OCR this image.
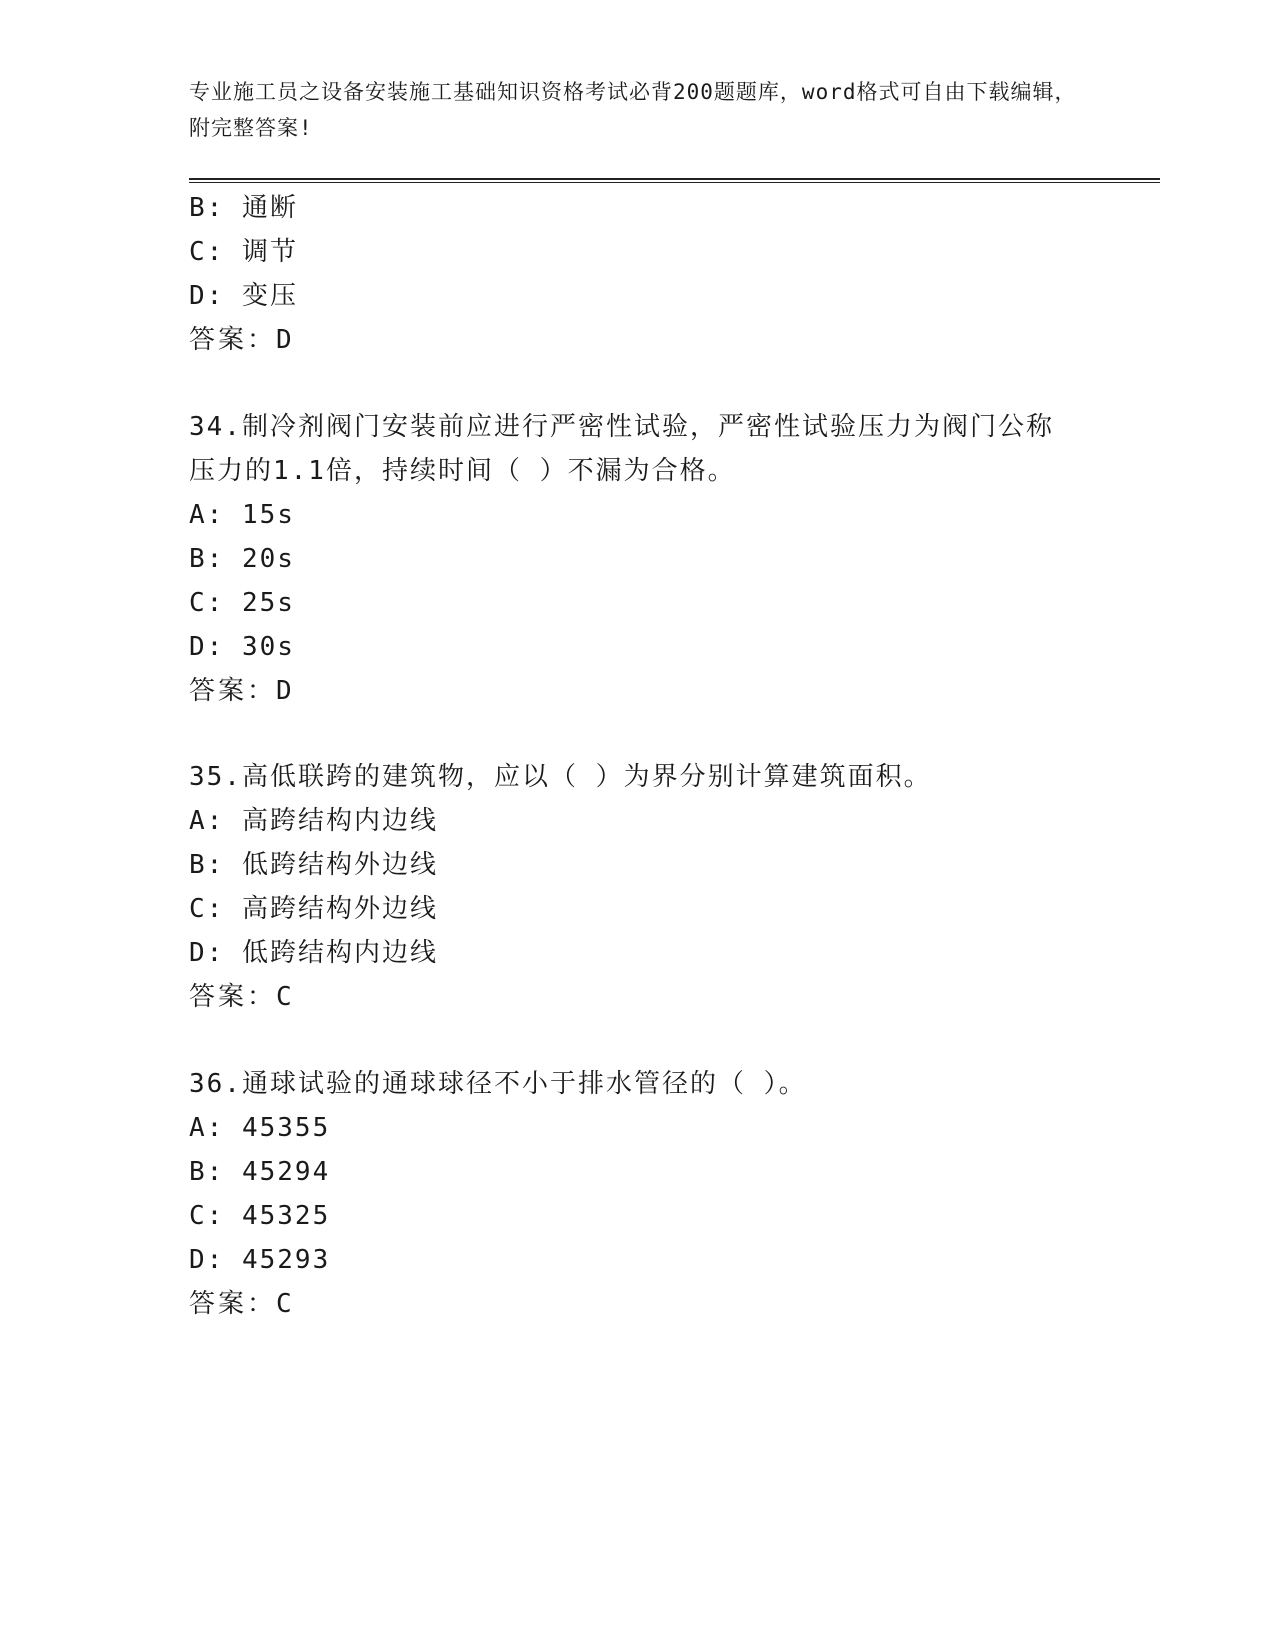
专业施工员之设备安装施工基础知识资格考试必背200题题库，word格式可自由下载编辑，附完整答案!
B: 通断
C: 调节
D: 变压
答案：D
34.制冷剂阀门安装前应进行严密性试验，严密性试验压力为阀门公称
压力的1.1倍，持续时间（ ）不漏为合格。
A: 15s
B: 20s
C: 25s
D: 30s
答案：D
35.高低联跨的建筑物，应以（ ）为界分别计算建筑面积。
A: 高跨结构内边线
B: 低跨结构外边线
C: 高跨结构外边线
D: 低跨结构内边线
答案：C
36.通球试验的通球球径不小于排水管径的（ ）。
A: 45355
B: 45294
C: 45325
D: 45293
答案：C
